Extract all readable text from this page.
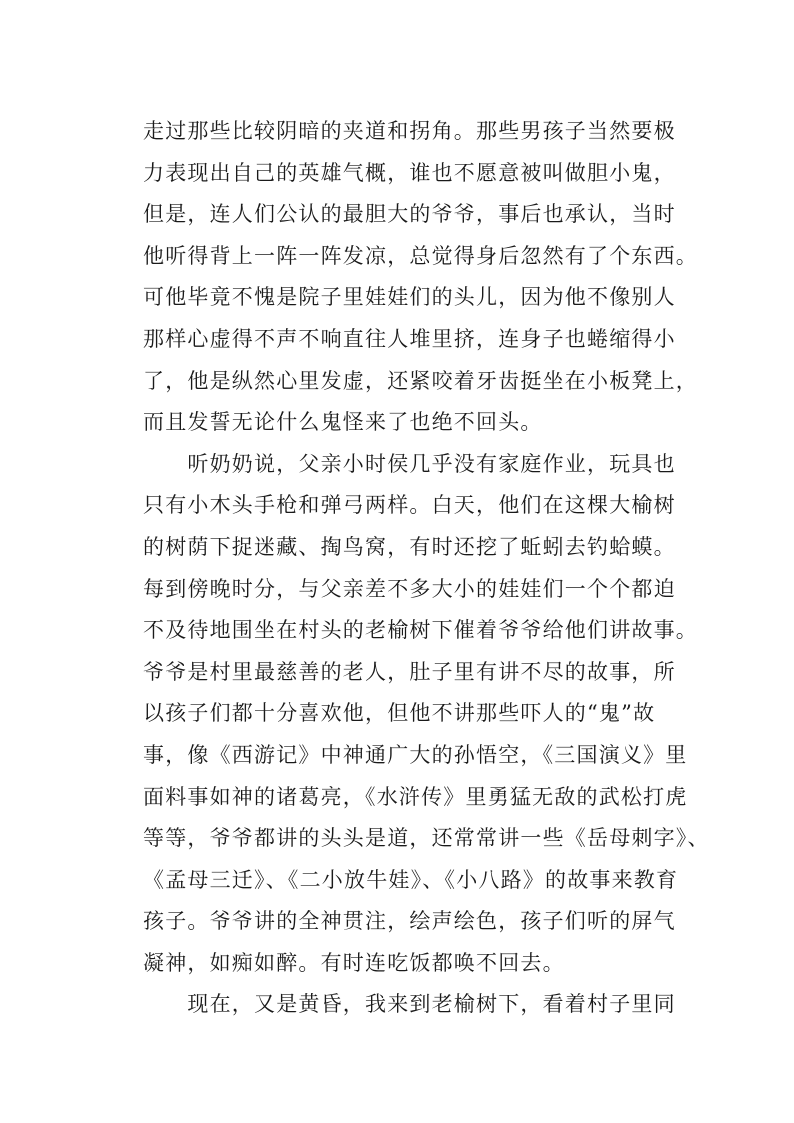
走过那些比较阴暗的夹道和拐角。那些男孩子当然要极
力表现出自己的英雄气概，谁也不愿意被叫做胆小鬼，
但是，连人们公认的最胆大的爷爷，事后也承认，当时
他听得背上一阵一阵发凉，总觉得身后忽然有了个东西。
可他毕竟不愧是院子里娃娃们的头儿，因为他不像别人
那样心虚得不声不响直往人堆里挤，连身子也蜷缩得小
了，他是纵然心里发虚，还紧咬着牙齿挺坐在小板凳上，
而且发誓无论什么鬼怪来了也绝不回头。
　　听奶奶说，父亲小时侯几乎没有家庭作业，玩具也
只有小木头手枪和弹弓两样。白天，他们在这棵大榆树
的树荫下捉迷藏、掏鸟窝，有时还挖了蚯蚓去钓蛤蟆。
每到傍晚时分，与父亲差不多大小的娃娃们一个个都迫
不及待地围坐在村头的老榆树下催着爷爷给他们讲故事。
爷爷是村里最慈善的老人，肚子里有讲不尽的故事，所
以孩子们都十分喜欢他，但他不讲那些吓人的“鬼”故
事，像《西游记》中神通广大的孙悟空，《三国演义》里
面料事如神的诸葛亮，《水浒传》里勇猛无敌的武松打虎
等等，爷爷都讲的头头是道，还常常讲一些《岳母刺字》、
《孟母三迁》、《二小放牛娃》、《小八路》的故事来教育
孩子。爷爷讲的全神贯注，绘声绘色，孩子们听的屏气
凝神，如痴如醉。有时连吃饭都唤不回去。
　　现在，又是黄昏，我来到老榆树下，看着村子里同
